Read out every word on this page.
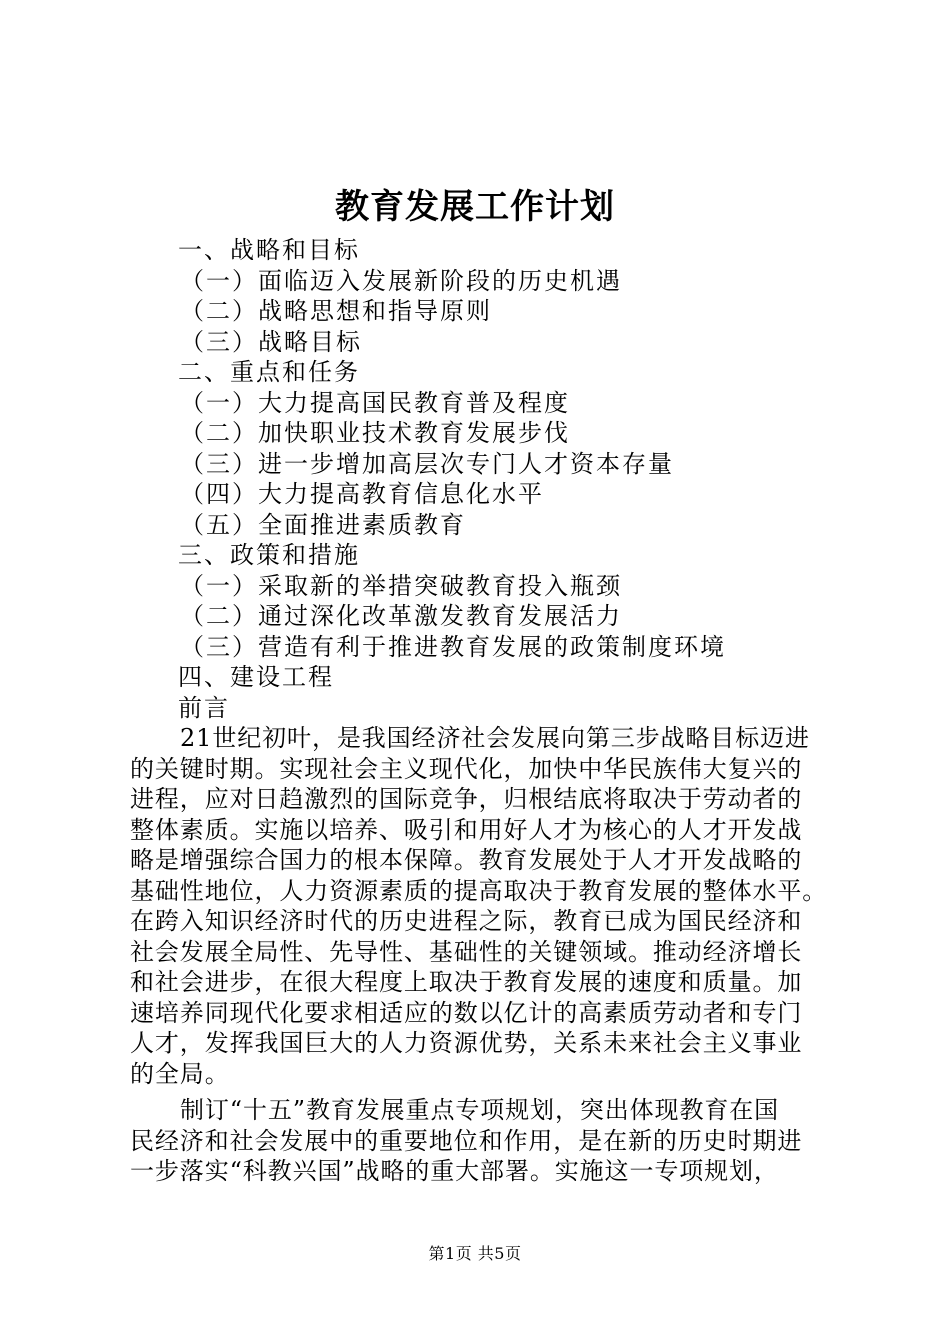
教育发展工作计划
一、战略和目标
（一）面临迈入发展新阶段的历史机遇
（二）战略思想和指导原则
（三）战略目标
二、重点和任务
（一）大力提高国民教育普及程度
（二）加快职业技术教育发展步伐
（三）进一步增加高层次专门人才资本存量
（四）大力提高教育信息化水平
（五）全面推进素质教育
三、政策和措施
（一）采取新的举措突破教育投入瓶颈
（二）通过深化改革激发教育发展活力
（三）营造有利于推进教育发展的政策制度环境
四、建设工程
前言
21世纪初叶，是我国经济社会发展向第三步战略目标迈进
的关键时期。实现社会主义现代化，加快中华民族伟大复兴的
进程，应对日趋激烈的国际竞争，归根结底将取决于劳动者的
整体素质。实施以培养、吸引和用好人才为核心的人才开发战
略是增强综合国力的根本保障。教育发展处于人才开发战略的
基础性地位，人力资源素质的提高取决于教育发展的整体水平。
在跨入知识经济时代的历史进程之际，教育已成为国民经济和
社会发展全局性、先导性、基础性的关键领域。推动经济增长
和社会进步，在很大程度上取决于教育发展的速度和质量。加
速培养同现代化要求相适应的数以亿计的高素质劳动者和专门
人才，发挥我国巨大的人力资源优势，关系未来社会主义事业
的全局。
制订“十五”教育发展重点专项规划，突出体现教育在国
民经济和社会发展中的重要地位和作用，是在新的历史时期进
一步落实“科教兴国”战略的重大部署。实施这一专项规划，
第1页 共5页
